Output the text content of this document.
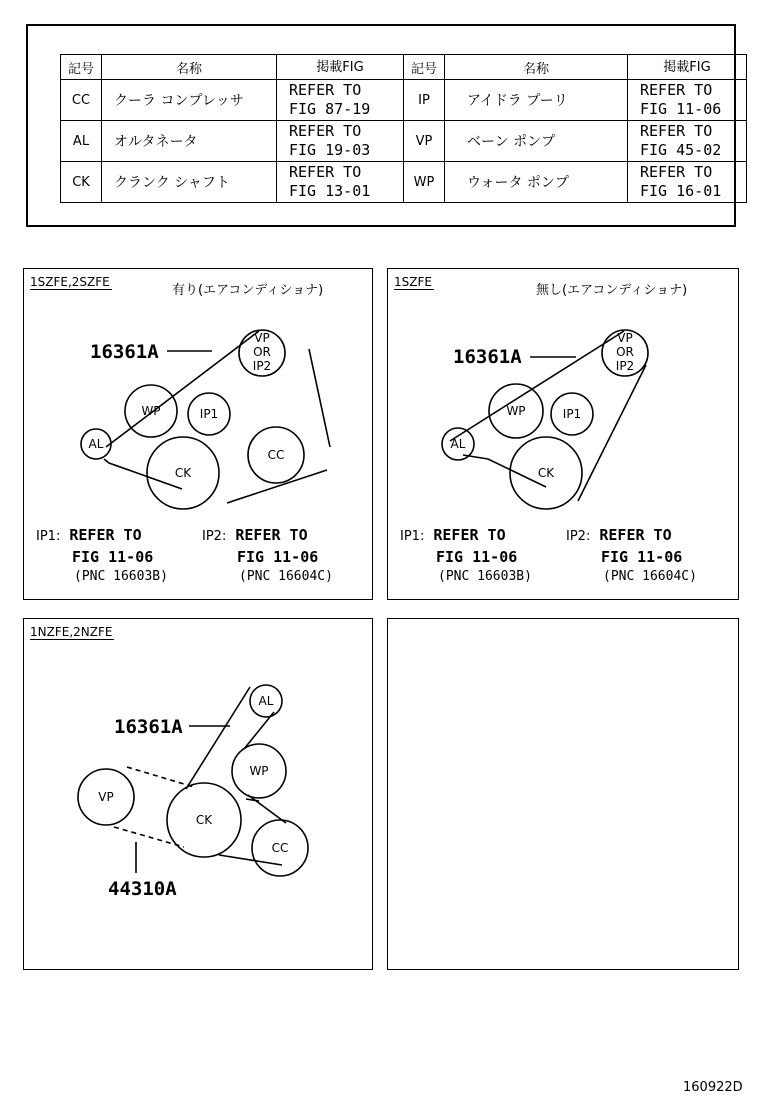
記号	名称	掲載FIG	記号	名称	掲載FIG
CC	クーラ コンプレッサ	REFER TO
FIG 87-19	IP	アイドラ プーリ	REFER TO
FIG 11-06

AL	オルタネータ	REFER TO
FIG 19-03	VP	ベーン ポンプ	REFER TO
FIG 45-02

CK	クランク シャフト	REFER TO
FIG 13-01	WP	ウォータ ポンプ	REFER TO
FIG 16-01
VP
OR
IP2
WP	IP1
AL
CK
CC
16361A
1SZFE,2SZFE
有り(エアコンディショナ)
IP1: REFER TO
FIG 11-06
(PNC 16603B)
IP2: REFER TO
FIG 11-06
(PNC 16604C)
VP
OR
IP2
WP	IP1
AL
CK
16361A
1SZFE
無し(エアコンディショナ)
IP1: REFER TO
FIG 11-06
(PNC 16603B)
IP2: REFER TO
FIG 11-06
(PNC 16604C)
AL
WP
VP
CK
CC
16361A
44310A
1NZFE,2NZFE
160922D
